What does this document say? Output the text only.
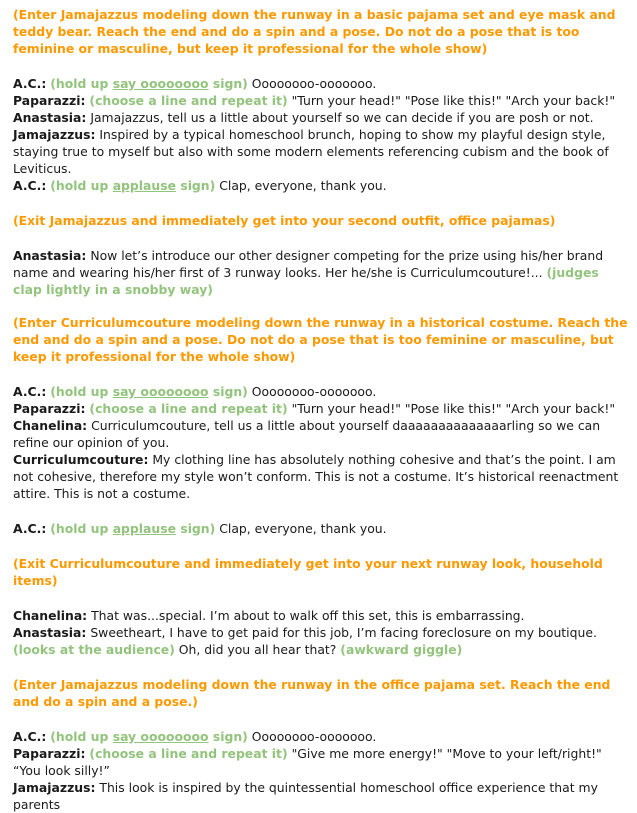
(Enter Jamajazzus modeling down the runway in a basic pajama set and eye mask and teddy bear. Reach the end and do a spin and a pose. Do not do a pose that is too feminine or masculine, but keep it professional for the whole show)

A.C.: (hold up say oooooooo sign) Oooooooo-ooooooo.

Paparazzi: (choose a line and repeat it) "Turn your head!" "Pose like this!" "Arch your back!"

Anastasia: Jamajazzus, tell us a little about yourself so we can decide if you are posh or not.

Jamajazzus: Inspired by a typical homeschool brunch, hoping to show my playful design style, staying true to myself but also with some modern elements referencing cubism and the book of Leviticus.

A.C.: (hold up applause sign) Clap, everyone, thank you.

(Exit Jamajazzus and immediately get into your second outfit, office pajamas)

Anastasia: Now let’s introduce our other designer competing for the prize using his/her brand name and wearing his/her first of 3 runway looks. Her he/she is Curriculumcouture!... (judges clap lightly in a snobby way)

(Enter Curriculumcouture modeling down the runway in a historical costume. Reach the end and do a spin and a pose. Do not do a pose that is too feminine or masculine, but keep it professional for the whole show)

A.C.: (hold up say oooooooo sign) Oooooooo-ooooooo.

Paparazzi: (choose a line and repeat it) "Turn your head!" "Pose like this!" "Arch your back!"

Chanelina: Curriculumcouture, tell us a little about yourself daaaaaaaaaaaaaarling so we can refine our opinion of you.

Curriculumcouture: My clothing line has absolutely nothing cohesive and that’s the point. I am not cohesive, therefore my style won’t conform. This is not a costume. It’s historical reenactment attire. This is not a costume.

A.C.: (hold up applause sign) Clap, everyone, thank you.

(Exit Curriculumcouture and immediately get into your next runway look, household items)

Chanelina: That was...special. I’m about to walk off this set, this is embarrassing.

Anastasia: Sweetheart, I have to get paid for this job, I’m facing foreclosure on my boutique. (looks at the audience) Oh, did you all hear that? (awkward giggle)

(Enter Jamajazzus modeling down the runway in the office pajama set. Reach the end and do a spin and a pose.)

A.C.: (hold up say oooooooo sign) Oooooooo-ooooooo.

Paparazzi: (choose a line and repeat it) "Give me more energy!" "Move to your left/right!" “You look silly!”

Jamajazzus: This look is inspired by the quintessential homeschool office experience that my parents
